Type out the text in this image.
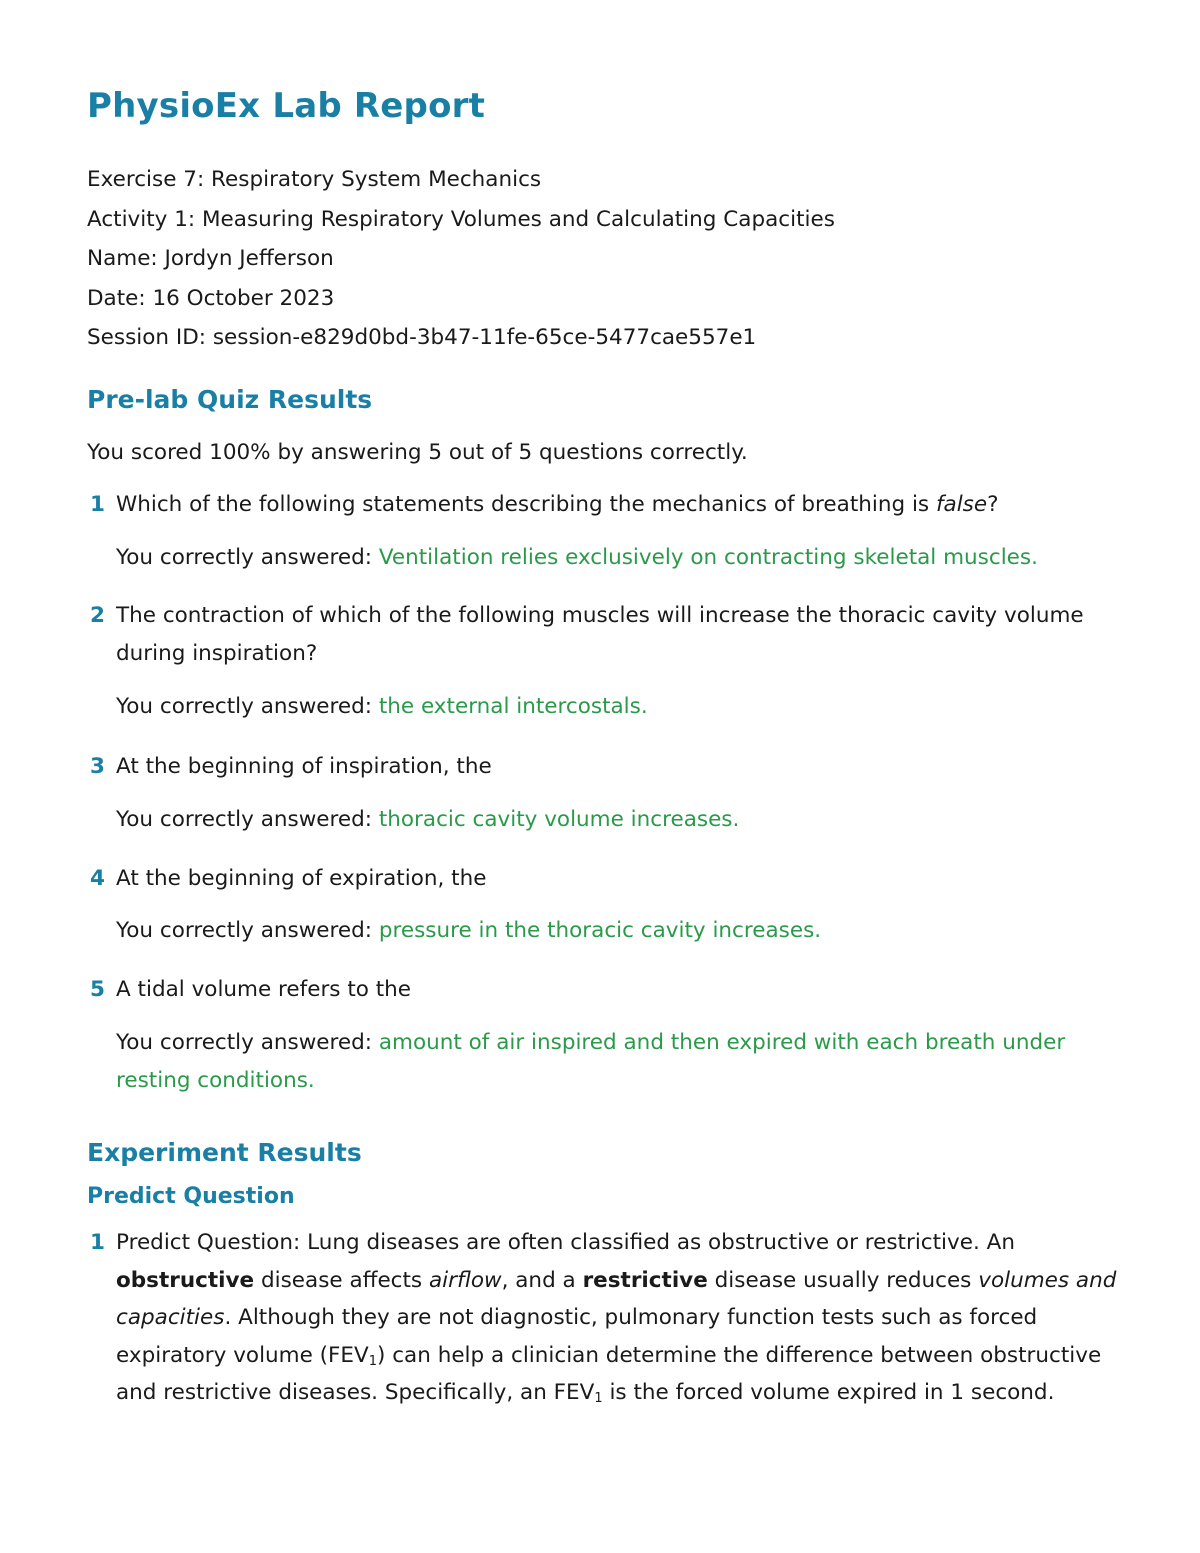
PhysioEx Lab Report
Exercise 7: Respiratory System Mechanics
Activity 1: Measuring Respiratory Volumes and Calculating Capacities
Name: Jordyn Jefferson
Date: 16 October 2023
Session ID: session-e829d0bd-3b47-11fe-65ce-5477cae557e1
Pre-lab Quiz Results
You scored 100% by answering 5 out of 5 questions correctly.
1 Which of the following statements describing the mechanics of breathing is false?
You correctly answered: Ventilation relies exclusively on contracting skeletal muscles.
2 The contraction of which of the following muscles will increase the thoracic cavity volume during inspiration?
You correctly answered: the external intercostals.
3 At the beginning of inspiration, the
You correctly answered: thoracic cavity volume increases.
4 At the beginning of expiration, the
You correctly answered: pressure in the thoracic cavity increases.
5 A tidal volume refers to the
You correctly answered: amount of air inspired and then expired with each breath under resting conditions.
Experiment Results
Predict Question
1 Predict Question: Lung diseases are often classified as obstructive or restrictive. An obstructive disease affects airflow, and a restrictive disease usually reduces volumes and capacities. Although they are not diagnostic, pulmonary function tests such as forced expiratory volume $(FEV_1)$ can help a clinician determine the difference between obstructive and restrictive diseases. Specifically, an $FEV_1$ is the forced volume expired in 1 second.
